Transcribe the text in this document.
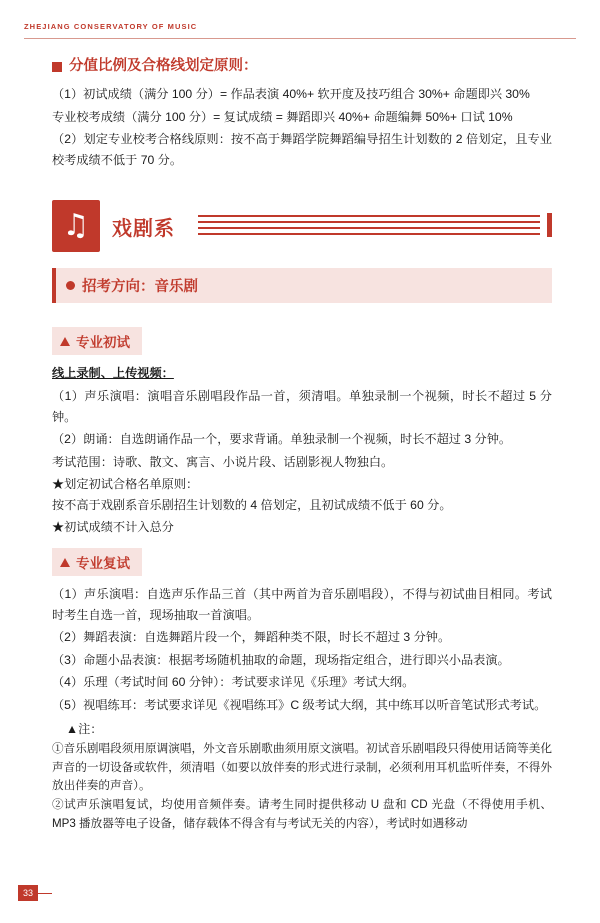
ZHEJIANG CONSERVATORY OF MUSIC
分值比例及合格线划定原则：

（1）初试成绩（满分 100 分）= 作品表演 40%+ 软开度及技巧组合 30%+ 命题即兴 30%

专业校考成绩（满分 100 分）= 复试成绩 = 舞蹈即兴 40%+ 命题编舞 50%+ 口试 10%

（2）划定专业校考合格线原则：按不高于舞蹈学院舞蹈编导招生计划数的 2 倍划定，且专业校考成绩不低于 70 分。

♫	戏剧系
招考方向：音乐剧
专业初试

线上录制、上传视频：

（1）声乐演唱：演唱音乐剧唱段作品一首，须清唱。单独录制一个视频，时长不超过 5 分钟。

（2）朗诵：自选朗诵作品一个，要求背诵。单独录制一个视频，时长不超过 3 分钟。

考试范围：诗歌、散文、寓言、小说片段、话剧影视人物独白。

★划定初试合格名单原则：

按不高于戏剧系音乐剧招生计划数的 4 倍划定，且初试成绩不低于 60 分。

★初试成绩不计入总分

专业复试

（1）声乐演唱：自选声乐作品三首（其中两首为音乐剧唱段），不得与初试曲目相同。考试时考生自选一首，现场抽取一首演唱。

（2）舞蹈表演：自选舞蹈片段一个，舞蹈种类不限，时长不超过 3 分钟。

（3）命题小品表演：根据考场随机抽取的命题，现场指定组合，进行即兴小品表演。

（4）乐理（考试时间 60 分钟）：考试要求详见《乐理》考试大纲。

（5）视唱练耳：考试要求详见《视唱练耳》C 级考试大纲，其中练耳以听音笔试形式考试。

▲注：

①音乐剧唱段须用原调演唱，外文音乐剧歌曲须用原文演唱。初试音乐剧唱段只得使用话筒等美化声音的一切设备或软件，须清唱（如要以放伴奏的形式进行录制，必须利用耳机监听伴奏，不得外放出伴奏的声音）。

②试声乐演唱复试，均使用音频伴奏。请考生同时提供移动 U 盘和 CD 光盘（不得使用手机、MP3 播放器等电子设备，储存载体不得含有与考试无关的内容），考试时如遇移动

33
